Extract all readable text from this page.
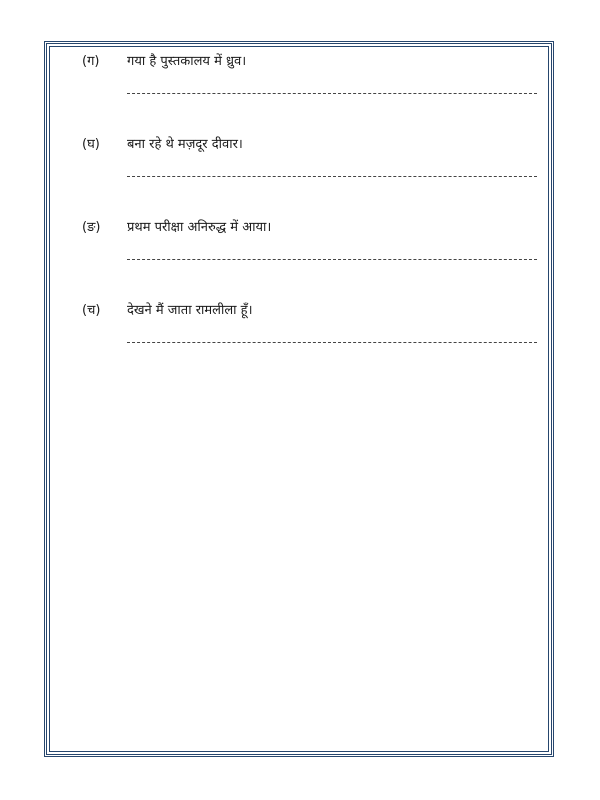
(ग) गया है पुस्तकालय में ध्रुव।
(घ) बना रहे थे मज़दूर दीवार।
(ङ) प्रथम परीक्षा अनिरुद्ध में आया।
(च) देखने मैं जाता रामलीला हूँ।
